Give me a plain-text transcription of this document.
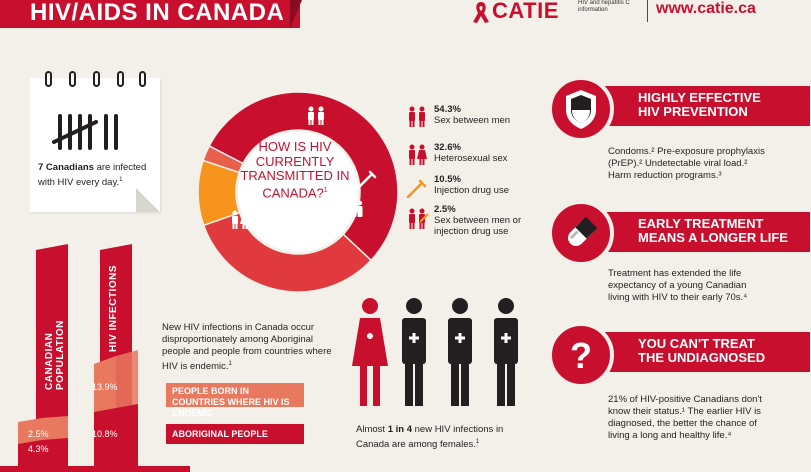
HIV/AIDS IN CANADA	CATIE	HIV and hepatitis C information	www.catie.ca
7 Canadians are infected with HIV every day.$^1$
HOW IS HIV CURRENTLY TRANSMITTED IN CANADA?$^1$
54.3%
Sex between men
32.6%
Heterosexual sex
10.5%
Injection drug use
2.5%
Sex between men or injection drug use
HIGHLY EFFECTIVE
HIV PREVENTION
Condoms.² Pre-exposure prophylaxis (PrEP).² Undetectable viral load.² Harm reduction programs.³
EARLY TREATMENT
MEANS A LONGER LIFE
Treatment has extended the life expectancy of a young Canadian living with HIV to their early 70s.⁴
YOU CAN'T TREAT
THE UNDIAGNOSED
?
21% of HIV-positive Canadians don't know their status.¹ The earlier HIV is diagnosed, the better the chance of living a long and healthy life.⁴
CANADIAN POPULATION
HIV INFECTIONS
2.5%
4.3%
13.9%
10.8%
New HIV infections in Canada occur disproportionately among Aboriginal people and people from countries where HIV is endemic.$^1$
PEOPLE BORN IN COUNTRIES WHERE HIV IS ENDEMIC
ABORIGINAL PEOPLE	Almost 1 in 4 new HIV infections in Canada are among females.$^1$
